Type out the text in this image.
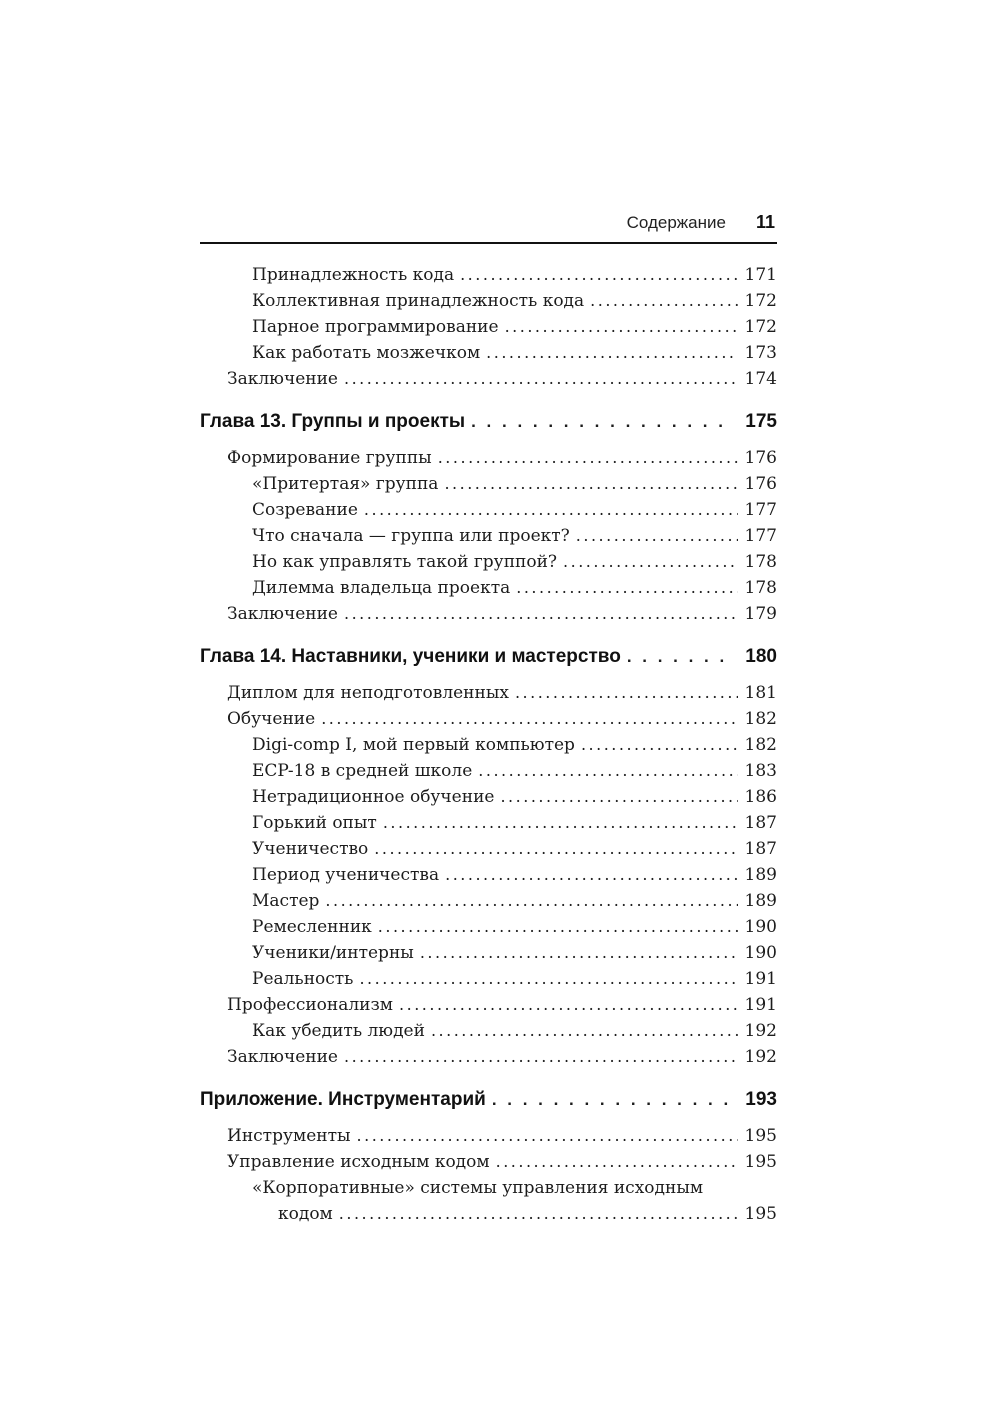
Содержание 11
Принадлежность кода .....	171
Коллективная принадлежность кода .....	172
Парное программирование .....	172
Как работать мозжечком .....	173
Заключение .....	174
Глава 13. Группы и проекты . . .	175
Формирование группы .....	176
«Притертая» группа .....	176
Созревание .....	177
Что сначала — группа или проект? .....	177
Но как управлять такой группой? .....	178
Дилемма владельца проекта .....	178
Заключение .....	179
Глава 14. Наставники, ученики и мастерство . . .	180
Диплом для неподготовленных .....	181
Обучение .....	182
Digi-comp I, мой первый компьютер .....	182
ECP-18 в средней школе .....	183
Нетрадиционное обучение .....	186
Горький опыт .....	187
Ученичество .....	187
Период ученичества .....	189
Мастер .....	189
Ремесленник .....	190
Ученики/интерны .....	190
Реальность .....	191
Профессионализм .....	191
Как убедить людей .....	192
Заключение .....	192
Приложение. Инструментарий . . .	193
Инструменты .....	195
Управление исходным кодом .....	195
«Корпоративные» системы управления исходным
кодом .....	195
